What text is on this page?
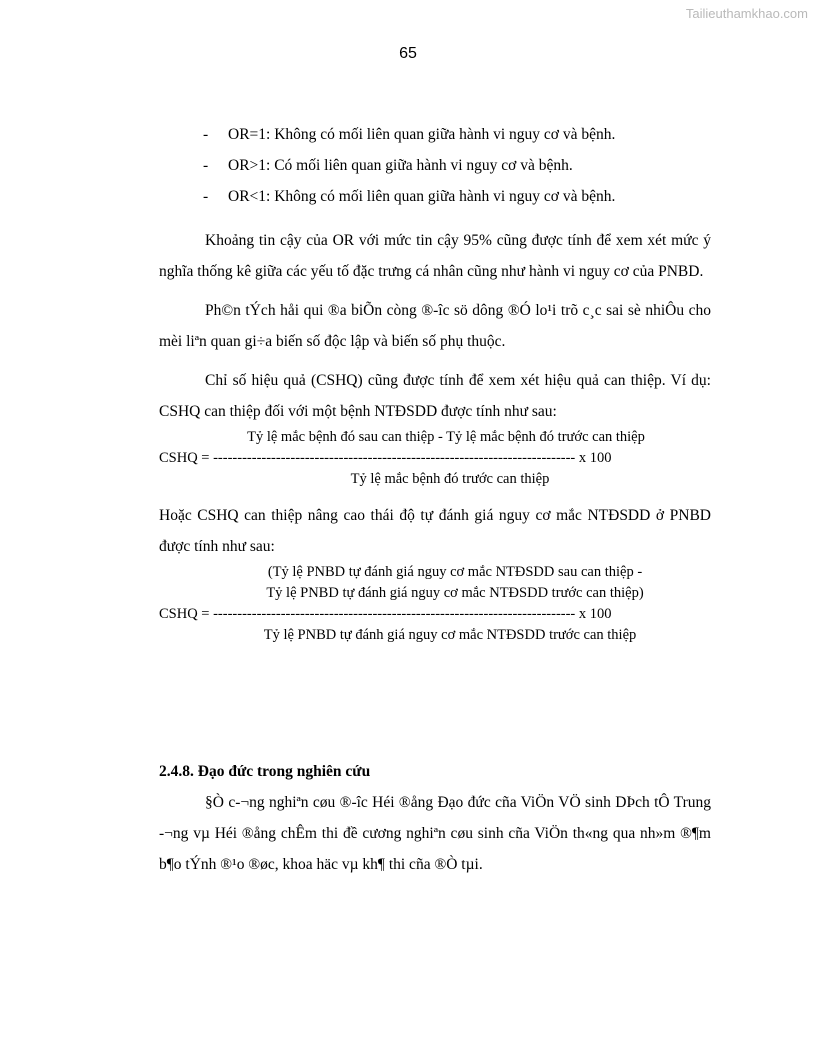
Tailieuthamkhao.com
65
- OR=1: Không có mối liên quan giữa hành vi nguy cơ và bệnh.
- OR>1: Có mối liên quan giữa hành vi nguy cơ và bệnh.
- OR<1: Không có mối liên quan giữa hành vi nguy cơ và bệnh.

Khoảng tin cậy của OR với mức tin cậy 95% cũng được tính để xem xét mức ý nghĩa thống kê giữa các yếu tố đặc trưng cá nhân cũng như hành vi nguy cơ của PNBD.

Ph©n tÝch håi qui ®a biÕn còng ®-îc sö dông ®Ó lo¹i trõ c¸c sai sè nhiÔu cho mèi liªn quan gi÷a biến số độc lập và biến số phụ thuộc.

Chỉ số hiệu quả (CSHQ) cũng được tính để xem xét hiệu quả can thiệp. Ví dụ: CSHQ can thiệp đối với một bệnh NTĐSDD được tính như sau:

Tỷ lệ mắc bệnh đó sau can thiệp - Tỷ lệ mắc bệnh đó trước can thiệp
CSHQ = --------------------------------------------------------------------------- x 100
Tỷ lệ mắc bệnh đó trước can thiệp

Hoặc CSHQ can thiệp nâng cao thái độ tự đánh giá nguy cơ mắc NTĐSDD ở PNBD được tính như sau:

(Tỷ lệ PNBD tự đánh giá nguy cơ mắc NTĐSDD sau can thiệp -
Tỷ lệ PNBD tự đánh giá nguy cơ mắc NTĐSDD trước can thiệp)
CSHQ = --------------------------------------------------------------------------- x 100
Tỷ lệ PNBD tự đánh giá nguy cơ mắc NTĐSDD trước can thiệp
2.4.8. Đạo đức trong nghiên cứu

§Ò c-¬ng nghiªn cøu ®-îc Héi ®ång Đạo đức cña ViÖn VÖ sinh DÞch tÔ Trung -¬ng vµ Héi ®ång chÊm thi đề cương nghiªn cøu sinh cña ViÖn th«ng qua nh»m ®¶m b¶o tÝnh ®¹o ®øc, khoa häc vµ kh¶ thi cña ®Ò tµi.
